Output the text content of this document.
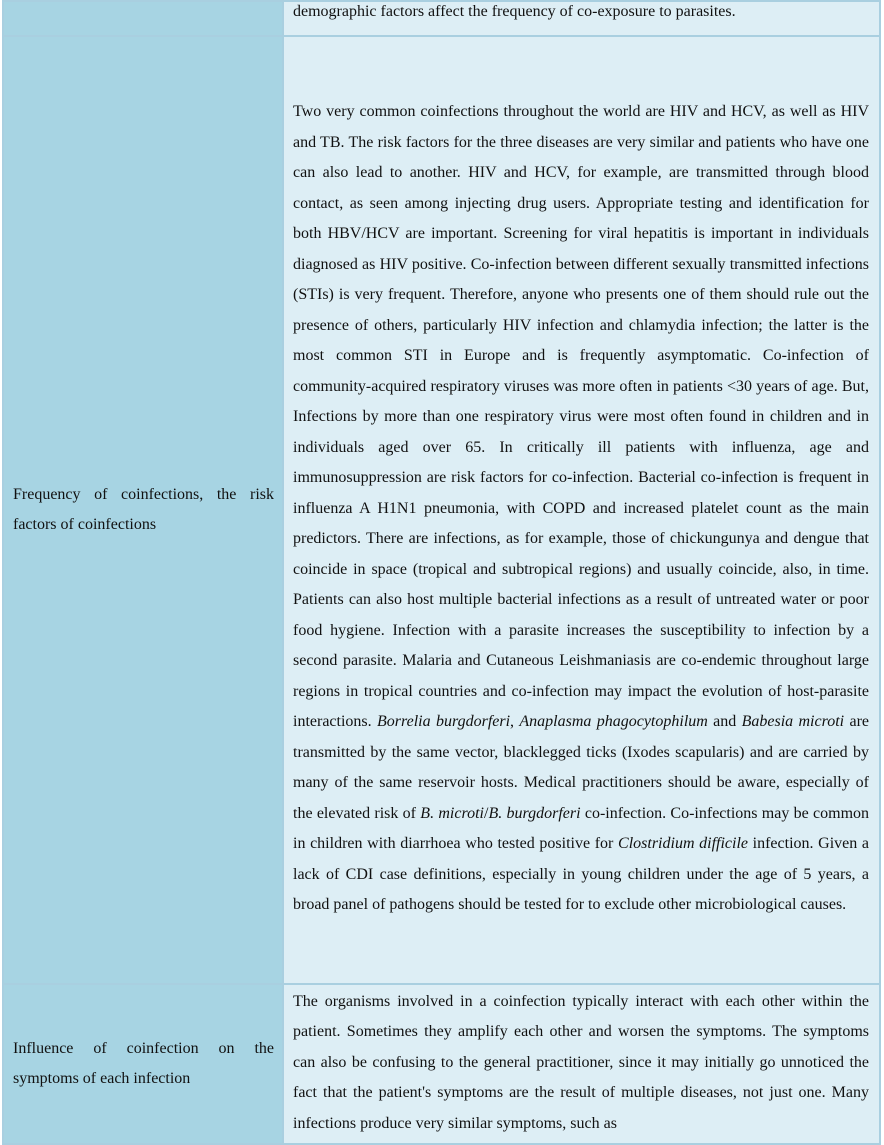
	demographic factors affect the frequency of co-exposure to parasites.

Frequency of coinfections, the risk factors of coinfections	Two very common coinfections throughout the world are HIV and HCV, as well as HIV and TB. The risk factors for the three diseases are very similar and patients who have one can also lead to another. HIV and HCV, for example, are transmitted through blood contact, as seen among injecting drug users. Appropriate testing and identification for both HBV/HCV are important. Screening for viral hepatitis is important in individuals diagnosed as HIV positive. Co-infection between different sexually transmitted infections (STIs) is very frequent. Therefore, anyone who presents one of them should rule out the presence of others, particularly HIV infection and chlamydia infection; the latter is the most common STI in Europe and is frequently asymptomatic. Co-infection of community-acquired respiratory viruses was more often in patients <30 years of age. But, Infections by more than one respiratory virus were most often found in children and in individuals aged over 65. In critically ill patients with influenza, age and immunosuppression are risk factors for co-infection. Bacterial co-infection is frequent in influenza A H1N1 pneumonia, with COPD and increased platelet count as the main predictors. There are infections, as for example, those of chickungunya and dengue that coincide in space (tropical and subtropical regions) and usually coincide, also, in time. Patients can also host multiple bacterial infections as a result of untreated water or poor food hygiene. Infection with a parasite increases the susceptibility to infection by a second parasite. Malaria and Cutaneous Leishmaniasis are co-endemic throughout large regions in tropical countries and co-infection may impact the evolution of host-parasite interactions. Borrelia burgdorferi, Anaplasma phagocytophilum and Babesia microti are transmitted by the same vector, blacklegged ticks (Ixodes scapularis) and are carried by many of the same reservoir hosts. Medical practitioners should be aware, especially of the elevated risk of B. microti/B. burgdorferi co-infection. Co-infections may be common in children with diarrhoea who tested positive for Clostridium difficile infection. Given a lack of CDI case definitions, especially in young children under the age of 5 years, a broad panel of pathogens should be tested for to exclude other microbiological causes.

Influence of coinfection on the symptoms of each infection	The organisms involved in a coinfection typically interact with each other within the patient. Sometimes they amplify each other and worsen the symptoms. The symptoms can also be confusing to the general practitioner, since it may initially go unnoticed the fact that the patient's symptoms are the result of multiple diseases, not just one. Many infections produce very similar symptoms, such as
